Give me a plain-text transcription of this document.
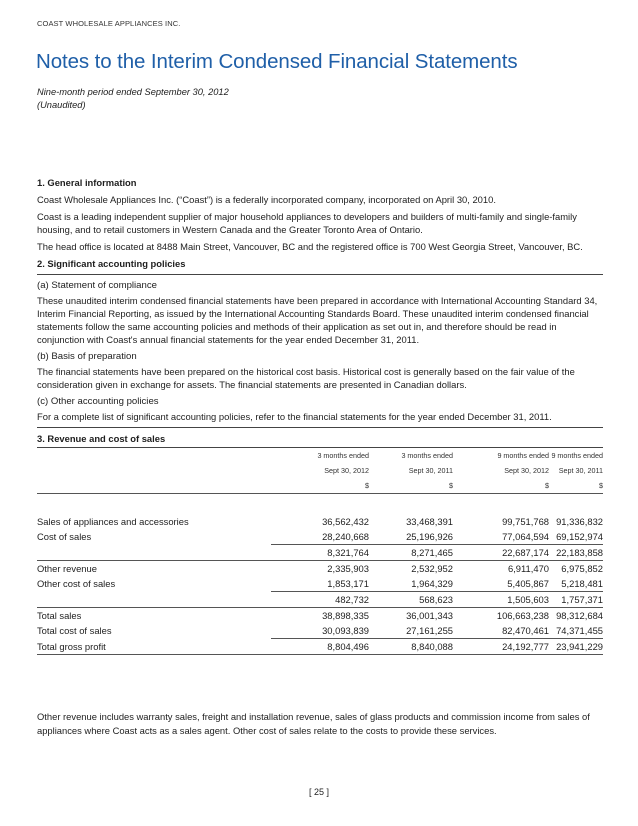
COAST WHOLESALE APPLIANCES INC.
Notes to the Interim Condensed Financial Statements
Nine-month period ended September 30, 2012
(Unaudited)
1. General information

Coast Wholesale Appliances Inc. (“Coast”) is a federally incorporated company, incorporated on April 30, 2010.

Coast is a leading independent supplier of major household appliances to developers and builders of multi-family and single-family housing, and to retail customers in Western Canada and the Greater Toronto Area of Ontario.

The head office is located at 8488 Main Street, Vancouver, BC and the registered office is 700 West Georgia Street, Vancouver, BC.

2. Significant accounting policies
(a) Statement of compliance

These unaudited interim condensed financial statements have been prepared in accordance with International Accounting Standard 34, Interim Financial Reporting, as issued by the International Accounting Standards Board. These unaudited interim condensed financial statements follow the same accounting policies and methods of their application as set out in, and therefore should be read in conjunction with Coast's annual financial statements for the year ended December 31, 2011.

(b) Basis of preparation

The financial statements have been prepared on the historical cost basis. Historical cost is generally based on the fair value of the consideration given in exchange for assets. The financial statements are presented in Canadian dollars.

(c) Other accounting policies

For a complete list of significant accounting policies, refer to the financial statements for the year ended December 31, 2011.

3. Revenue and cost of sales
	3 months ended	3 months ended	9 months ended	9 months ended
	Sept 30, 2012	Sept 30, 2011	Sept 30, 2012	Sept 30, 2011
	$	$	$	$

Sales of appliances and accessories	36,562,432	33,468,391	99,751,768	91,336,832
Cost of sales	28,240,668	25,196,926	77,064,594	69,152,974
	8,321,764	8,271,465	22,687,174	22,183,858
Other revenue	2,335,903	2,532,952	6,911,470	6,975,852
Other cost of sales	1,853,171	1,964,329	5,405,867	5,218,481
	482,732	568,623	1,505,603	1,757,371
Total sales	38,898,335	36,001,343	106,663,238	98,312,684
Total cost of sales	30,093,839	27,161,255	82,470,461	74,371,455
Total gross profit	8,804,496	8,840,088	24,192,777	23,941,229
Other revenue includes warranty sales, freight and installation revenue, sales of glass products and commission income from sales of appliances where Coast acts as a sales agent. Other cost of sales relate to the costs to provide these services.
[ 25 ]
